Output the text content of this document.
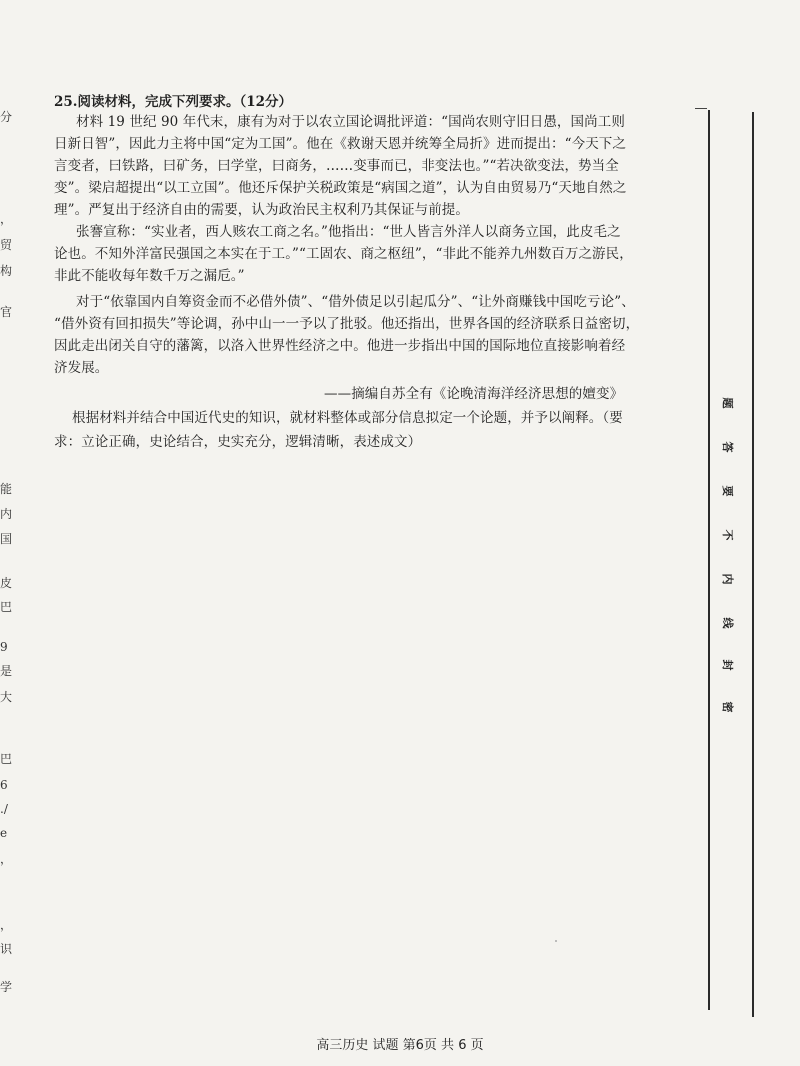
分
，
贸
构
官
能
内
国
皮
巴
9
是
大
巴
6
./
e
，
，
识
学
25.阅读材料，完成下列要求。（12分）
材料 19 世纪 90 年代末，康有为对于以农立国论调批评道：“国尚农则守旧日愚，国尚工则
日新日智”，因此力主将中国“定为工国”。他在《救谢天恩并统筹全局折》进而提出：“今天下之
言变者，曰铁路，曰矿务，曰学堂，曰商务，……变事而已，非变法也。”“若决欲变法，势当全
变”。梁启超提出“以工立国”。他还斥保护关税政策是“病国之道”，认为自由贸易乃“天地自然之
理”。严复出于经济自由的需要，认为政治民主权利乃其保证与前提。
张謇宣称：“实业者，西人赅农工商之名。”他指出：“世人皆言外洋人以商务立国，此皮毛之
论也。不知外洋富民强国之本实在于工。”“工固农、商之枢纽”，“非此不能养九州数百万之游民，
非此不能收每年数千万之漏卮。”
对于“依靠国内自筹资金而不必借外债”、“借外债足以引起瓜分”、“让外商赚钱中国吃亏论”、
“借外资有回扣损失”等论调，孙中山一一予以了批驳。他还指出，世界各国的经济联系日益密切，
因此走出闭关自守的藩篱，以洛入世界性经济之中。他进一步指出中国的国际地位直接影响着经
济发展。
——摘编自苏全有《论晚清海洋经济思想的嬗变》
根据材料并结合中国近代史的知识，就材料整体或部分信息拟定一个论题，并予以阐释。（要
求：立论正确，史论结合，史实充分，逻辑清晰，表述成文）
题
答
要
不
内
线
封
密
高三历史 试题 第6页 共 6 页
